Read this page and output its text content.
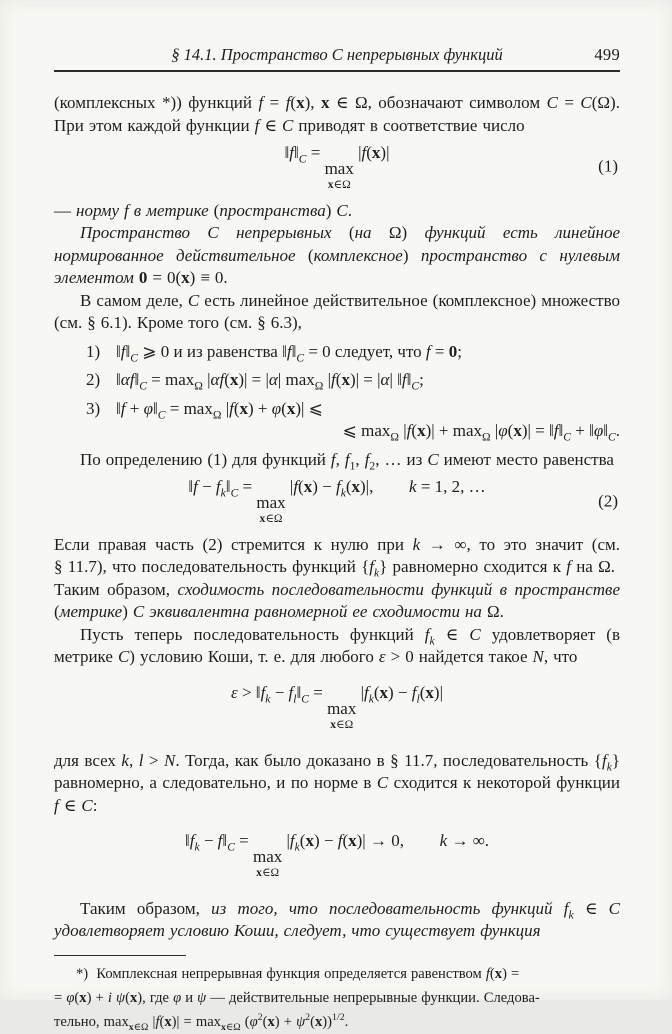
§ 14.1. Пространство C непрерывных функций	499

(комплексных *)) функций f = f(x), x ∈ Ω, обозначают символом C = C(Ω). При этом каждой функции f ∈ C приводят в соответствие число

$‖f‖_C = \max$
x∈Ω
|f(x)|
(1)

— норму f в метрике (пространства) C.

Пространство C непрерывных (на Ω) функций есть линейное нормированное действительное (комплексное) пространство с нулевым элементом 0 = 0(x) ≡ 0.

В самом деле, C есть линейное действительное (комплексное) множество (см. § 6.1). Кроме того (см. § 6.3),

1) $‖f‖_C$ ⩾ 0 и из равенства $‖f‖_C = 0$ следует, что f = 0;
2) $‖\alpha f‖_C = \max_\Omega |\alpha f(x)| = |\alpha|$ $\max_\Omega |f(x)| = |\alpha|$ $‖f‖_C$;
3) ‖f + $\varphi‖_C = \max_\Omega |f(x) + \varphi(x)|$ ⩽
⩽ $\max_\Omega |f(x)| + \max_\Omega |\varphi(x)|$ = $‖f‖_C$ + $‖\varphi‖_C$.

По определению (1) для функций f, $f_1$, $f_2$, … из C имеют место равенства

‖f − $f_k‖_C = \max$
x∈Ω
$|f(x) - f_k(x)|$, k = 1, 2, …
(2)

Если правая часть (2) стремится к нулю при k → ∞, то это значит (см. § 11.7), что последовательность функций $\{f_k\}$ равномерно сходится к f на Ω.  Таким образом, сходимость последовательности функций в пространстве (метрике) C эквивалентна равномерной ее сходимости на Ω.

Пусть теперь последовательность функций $f_k$ ∈ C удовлетворяет (в метрике C) условию Коши, т. е. для любого ε > 0 найдется такое N, что

$\varepsilon > ‖f_k$ − $f_l‖_C = \max$
x∈Ω
$|f_k(x) - f_l(x)|$

для всех k, l > N. Тогда, как было доказано в § 11.7, последовательность $\{f_k\}$ равномерно, а следовательно, и по норме в C сходится к некоторой функции f ∈ C:

$‖f_k$ − $f‖_C = \max$
x∈Ω
$|f_k(x) - f(x)| \to 0$, k → ∞.

Таким образом, из того, что последовательность функций $f_k$ ∈ C удовлетворяет условию Коши, следует, что существует функция

*)  Комплексная непрерывная функция определяется равенством f(x) =
= φ(x) + i ψ(x), где φ и ψ — действительные непрерывные функции. Следова-
тельно, $\max_{x\in\Omega} |f(x)| = \max_{x\in\Omega} (\varphi^2(x) + \psi^2(x))^{1/2}$.
